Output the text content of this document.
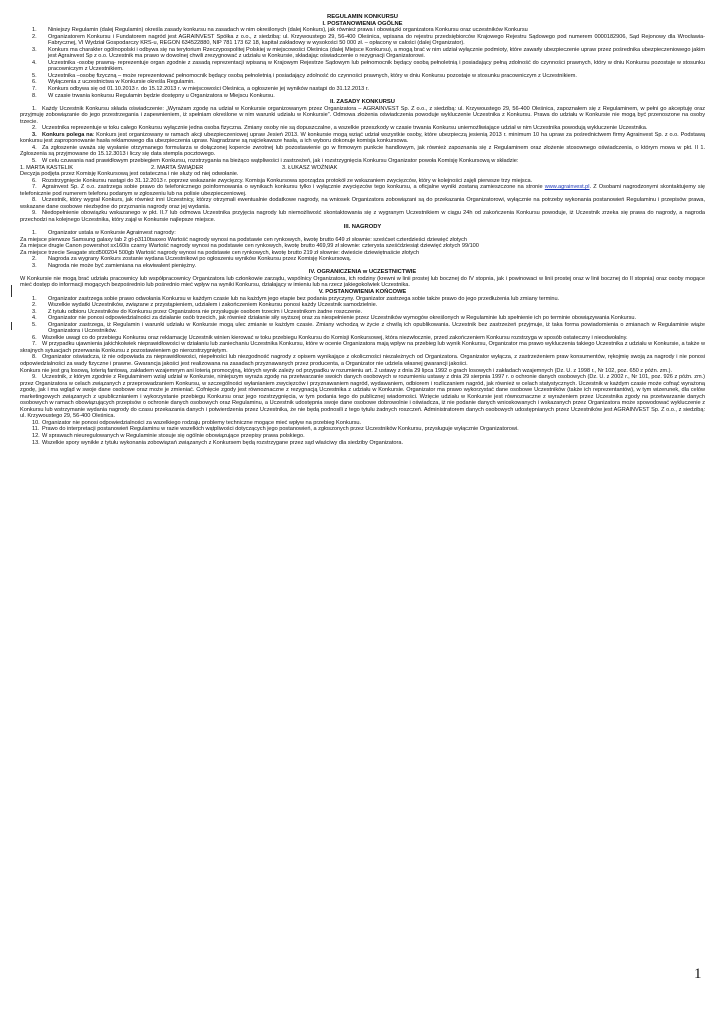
REGULAMIN KONKURSU
I. POSTANOWIENIA OGÓLNE
1. Niniejszy Regulamin (dalej Regulamin) określa zasady konkursu na zasadach w nim określonych (dalej Konkurs), jak również prawa i obowiązki organizatora Konkursu oraz uczestników Konkursu
2. Organizatorem Konkursu i Fundatorem nagród jest AGRAINVEST Spółka z o.o., z siedzibą: ul. Krzywoustego 29, 56-400 Oleśnica, wpisana do rejestru przedsiębiorców Krajowego Rejestru Sądowego pod numerem 0000182906, Sąd Rejonowy dla Wrocławia-Fabrycznej, VI Wydział Gospodarczy KRS-u, REGON 634522880, NIP 781 173 62 18, kapitał zakładowy w wysokości 50 000 zł. – opłacony w całości (dalej Organizator).
3. Konkurs ma charakter ogólnopolski i odbywa się na terytorium Rzeczypospolitej Polskiej w miejscowości Oleśnica (dalej Miejsce Konkursu), a mogą brać w nim udział wyłącznie podmioty, które zawarły ubezpieczenie upraw przez pośrednika ubezpieczeniowego jakim jest Agrainvest Sp z o.o. Uczestnik ma prawo w dowolnej chwili zrezygnować z udziału w Konkursie, składając oświadczenie o rezygnacji Organizatorowi.
4. Uczestnika -osobę prawną- reprezentuje organ zgodnie z zasadą reprezentacji wpisaną w Krajowym Rejestrze Sądowym lub pełnomocnik będący osobą pełnoletnią i posiadający pełną zdolność do czynności prawnych, który w dniu Konkursu pozostaje w stosunku pracowniczym z Uczestnikiem.
5. Uczestnika –osobę fizyczną – może reprezentować pełnomocnik będący osobą pełnoletnią i posiadający zdolność do czynności prawnych, który w dniu Konkursu pozostaje w stosunku pracowniczym z Uczestnikiem.
6. Wyłączenia z uczestnictwa w Konkursie określa Regulamin.
7. Konkurs odbywa się od 01.10.2013 r. do 15.12.2013 r. w miejscowości Oleśnica, a ogłoszenie jej wyników nastąpi do 31.12.2013 r.
8. W czasie trwania konkursu Regulamin będzie dostępny u Organizatora w Miejscu Konkursu.
II. ZASADY KONKURSU
1. Każdy Uczestnik Konkursu składa oświadczenie: „Wyrażam zgodę na udział w Konkursie organizowanym przez Organizatora – AGRAINVEST Sp. Z o.o., z siedzibą: ul. Krzywoustego 29, 56-400 Oleśnica, zapoznałem się z Regulaminem, w pełni go akceptuję oraz przyjmuję zobowiązanie do jego przestrzegania i zapewnieniem, iż spełniam określone w nim warunki udziału w Konkursie”. Odmowa złożenia oświadczenia powoduje wykluczenie Uczestnika z Konkursu. Prawa do udziału w Konkursie nie mogą być przenoszone na osoby trzecie.
2. Uczestnika reprezentuje w toku całego Konkursu wyłącznie jedna osoba fizyczna. Zmiany osoby nie są dopuszczalne, a wszelkie przeszkody w czasie trwania Konkursu uniemożliwiające udział w nim Uczestnika powodują wykluczenie Uczestnika.
3. Konkurs polega na: Konkurs jest organizowany w ramach akcji ubezpieczeniowej upraw Jesień 2013. W konkursie mogą wziąć udział wszystkie osoby, które ubezpieczą jesienią 2013 r. minimum 10 ha upraw za pośrednictwem firmy Agrainvest Sp. z o.o. Podstawą konkursu jest zaproponowanie hasła reklamowego dla ubezpieczenia upraw. Nagradzane są najciekawsze hasła, a ich wyboru dokonuje komisja konkursowa.
4. Za zgłoszenie uważa się wysłanie otrzymanego formularza w dołączonej kopercie zwrotnej lub pozostawienie go w firmowym punkcie handlowym, jak również zapoznania się z Regulaminem oraz złożenie stosownego oświadczenia, o którym mowa w pkt. II 1. Zgłoszenia są przyjmowane do 15.12.3013 i liczy się data stempla pocztowego.
5. W celu czuwania nad prawidłowym przebiegiem Konkursu, rozstrzygania na bieżąco wątpliwości i zastrzeżeń, jak i rozstrzygnięcia Konkursu Organizator powoła Komisję Konkursową w składzie:
1. MARTA KASTELIK	2. MARTA ŚWIĄDER	3. ŁUKASZ WOŹNIAK
Decyzja podjęta przez Komisję Konkursową jest ostateczna i nie służy od niej odwołanie.
6. Rozstrzygnięcie Konkursu nastąpi do 31.12.2013 r. poprzez wskazanie zwycięzcy. Komisja Konkursowa sporządza protokół ze wskazaniem zwycięzców, który w kolejności zajęli pierwsze trzy miejsca.
7. Agrainvest Sp. Z o.o. zastrzega sobie prawo do telefonicznego poinformowania o wynikach konkursu tylko i wyłącznie zwycięzców tego konkursu, a oficjalne wyniki zostaną zamieszczone na stronie www.agrainvest.pl. Z Osobami nagrodzonymi skontaktujemy się telefonicznie pod numerem telefonu podanym w zgłoszeniu lub na polisie ubezpieczeniowej.
8. Uczestnik, który wygrał Konkurs, jak również inni Uczestnicy, którzy otrzymali ewentualnie dodatkowe nagrody, na wniosek Organizatora zobowiązani są do przekazania Organizatorowi, wyłącznie na potrzeby wykonania postanowień Regulaminu i przepisów prawa, wskazane dane osobowe niezbędne do przyznania nagrody oraz jej wydania.
9. Niedopełnienie obowiązku wskazanego w pkt. II.7 lub odmowa Uczestnika przyjęcia nagrody lub niemożliwość skontaktowania się z wygranym Uczestnikiem w ciągu 24h od zakończenia Konkursu powoduje, iż Uczestnik zrzeka się prawa do nagrody, a nagroda przechodzi na kolejnego Uczestnika, który zajął w Konkursie najlepsze miejsce.
III. NAGRODY
1. Organizator ustala w Konkursie Agrainvest nagrody:
Za miejsce pierwsze Samsung galaxy tab 2 gt-p3110tsaxeo Wartość nagrody wynosi na podstawie cen rynkowych, kwotę brutto 649 zł słownie: sześćset czterdzieści dziewięć złotych
Za miejsce drugie Canon powershot sx160is czarny Wartość nagrody wynosi na podstawie cen rynkowych, kwotę brutto 469,99 zł słownie: czterysta sześćdziesiąt dziewięć złotych 99/100
Za miejsce trzecie Seagate stcd500204 500gb Wartość nagrody wynosi na podstawie cen rynkowych, kwotę brutto 219 zł słownie: dwieście dziewiętnaście złotych
2. Nagroda za wygrany Konkurs zostanie wydana Uczestnikowi po ogłoszeniu wyników Konkursu przez Komisję Konkursową.
3. Nagroda nie może być zamieniana na ekwiwalent pieniężny.
IV. OGRANICZENIA w UCZESTNICTWIE
W Konkursie nie mogą brać udziału pracownicy lub współpracownicy Organizatora lub członkowie zarządu, wspólnicy Organizatora, ich rodziny (krewni w linii prostej lub bocznej do IV stopnia, jak i powinowaci w linii prostej oraz w linii bocznej do II stopnia) oraz osoby mogące mieć dostęp do informacji mogących bezpośrednio lub pośrednio mieć wpływ na wyniki Konkursu, działający w imieniu lub na rzecz jakiegokolwiek Uczestnika.
V. POSTANOWIENIA KOŃCOWE
1. Organizator zastrzega sobie prawo odwołania Konkursu w każdym czasie lub na każdym jego etapie bez podania przyczyny. Organizator zastrzega sobie także prawo do jego przedłużenia lub zmiany terminu.
2. Wszelkie wydatki Uczestników, związane z przystąpieniem, udziałem i zakończeniem Konkursu ponosi każdy Uczestnik samodzielnie.
3. Z tytułu odbioru Uczestników do Konkursu przez Organizatora nie przysługuje osobom trzecim i Uczestnikom żadne roszczenie.
4. Organizator nie ponosi odpowiedzialności za działanie osób trzecich, jak również działanie siły wyższej oraz za niespełnienie przez Uczestników wymogów określonych w Regulaminie lub spełnienie ich po terminie obowiązywania Konkursu.
5. Organizator zastrzega, iż Regulamin i warunki udziału w Konkursie mogą ulec zmianie w każdym czasie. Zmiany wchodzą w życie z chwilą ich opublikowania. Uczestnik bez zastrzeżeń przyjmuje, iż taka forma powiadomienia o zmianach w Regulaminie wiąże Organizatora i Uczestników.
6. Wszelkie uwagi co do przebiegu Konkursu oraz reklamację Uczestnik winien kierować w toku przebiegu Konkursu do Komisji Konkursowej, która niezwłocznie, przed zakończeniem Konkursu rozstrzyga w sposób ostateczny i nieodwołalny.
7. W przypadku ujawnienia jakichkolwiek nieprawidłowości w działaniu lub zaniechaniu Uczestnika Konkursu, które w ocenie Organizatora mają wpływ na przebieg lub wynik Konkursu, Organizator ma prawo wykluczenia takiego Uczestnika z udziału w Konkursie, a także w skrajnych sytuacjach przerwania Konkursu z pozostawieniem go nierozstrzygniętym.
8. Organizator oświadcza, iż nie odpowiada za nieprawidłowości, niepełności lub niezgodność nagrody z opisem wynikające z okoliczności niezależnych od Organizatora. Organizator wyłącza, z zastrzeżeniem praw konsumentów, rękojmię swoją za nagrody i nie ponosi odpowiedzialności za wady fizyczne i prawne. Gwarancja jakości jest realizowana na zasadach przyznawanych przez producenta, a Organizator nie udziela własnej gwarancji jakości.
Konkurs nie jest grą losową, loterią fantową, zakładem wzajemnym ani loterią promocyjną, których wynik zależy od przypadku w rozumieniu art. 2 ustawy z dnia 29 lipca 1992 o grach losowych i zakładach wzajemnych (Dz. U. z 1998 r., Nr 102, poz. 650 z późn. zm.).
9. Uczestnik, z którym zgodnie z Regulaminem wziął udział w Konkursie, niniejszym wyraża zgodę na przetwarzanie swoich danych osobowych w rozumieniu ustawy z dnia 29 sierpnia 1997 r. o ochronie danych osobowych (Dz. U. z 2002 r., Nr 101, poz. 926 z późn. zm.) przez Organizatora w celach związanych z przeprowadzaniem Konkursu, w szczególności wyłanianiem zwycięzców i przyznawaniem nagród, wydawaniem, odbiorem i rozliczaniem nagród, jak również w celach statystycznych. Uczestnik w każdym czasie może cofnąć wyrażoną zgodę, jak i ma wgląd w swoje dane osobowe oraz może je zmieniać. Cofnięcie zgody jest równoznaczne z rezygnacją Uczestnika z udziału w Konkursie. Organizator ma prawo wykorzystać dane osobowe Uczestników (także ich reprezentantów), w tym wizerunek, dla celów marketingowych związanych z upublicznianiem i wykorzystanie przebiegu Konkursu oraz jego rozstrzygnięcia, w tym podania tego do publicznej wiadomości. Wzięcie udziału w Konkursie jest równoznaczne z wyrażeniem przez Uczestnika zgody na przetwarzanie danych osobowych w ramach obowiązujących przepisów o ochronie danych osobowych oraz Regulaminu, a Uczestnik udostępnia swoje dane osobowe dobrowolnie i oświadcza, iż nie podanie danych wnioskowanych i wskazanych przez Organizatora może spowodować wykluczenie z Konkursu lub wstrzymanie wydania nagrody do czasu przekazania danych i potwierdzenia przez Uczestnika, że nie będą podnosili z tego tytułu żadnych roszczeń. Administratorem danych osobowych udostępnianych przez Uczestników jest AGRAINVEST Sp. Z o.o., z siedzibą: ul. Krzywoustego 29, 56-400 Oleśnica.
10. Organizator nie ponosi odpowiedzialności za wszelkiego rodzaju problemy techniczne mogące mieć wpływ na przebieg Konkursu.
11. Prawo do interpretacji postanowień Regulaminu w razie wszelkich wątpliwości dotyczących jego postanowień, a zgłoszonych przez Uczestników Konkursu, przysługuje wyłącznie Organizatorowi.
12. W sprawach nieuregulowanych w Regulaminie stosuje się ogólnie obowiązujące przepisy prawa polskiego.
13. Wszelkie spory wynikłe z tytułu wykonania zobowiązań związanych z Konkursem będą rozstrzygane przez sąd właściwy dla siedziby Organizatora.
1
